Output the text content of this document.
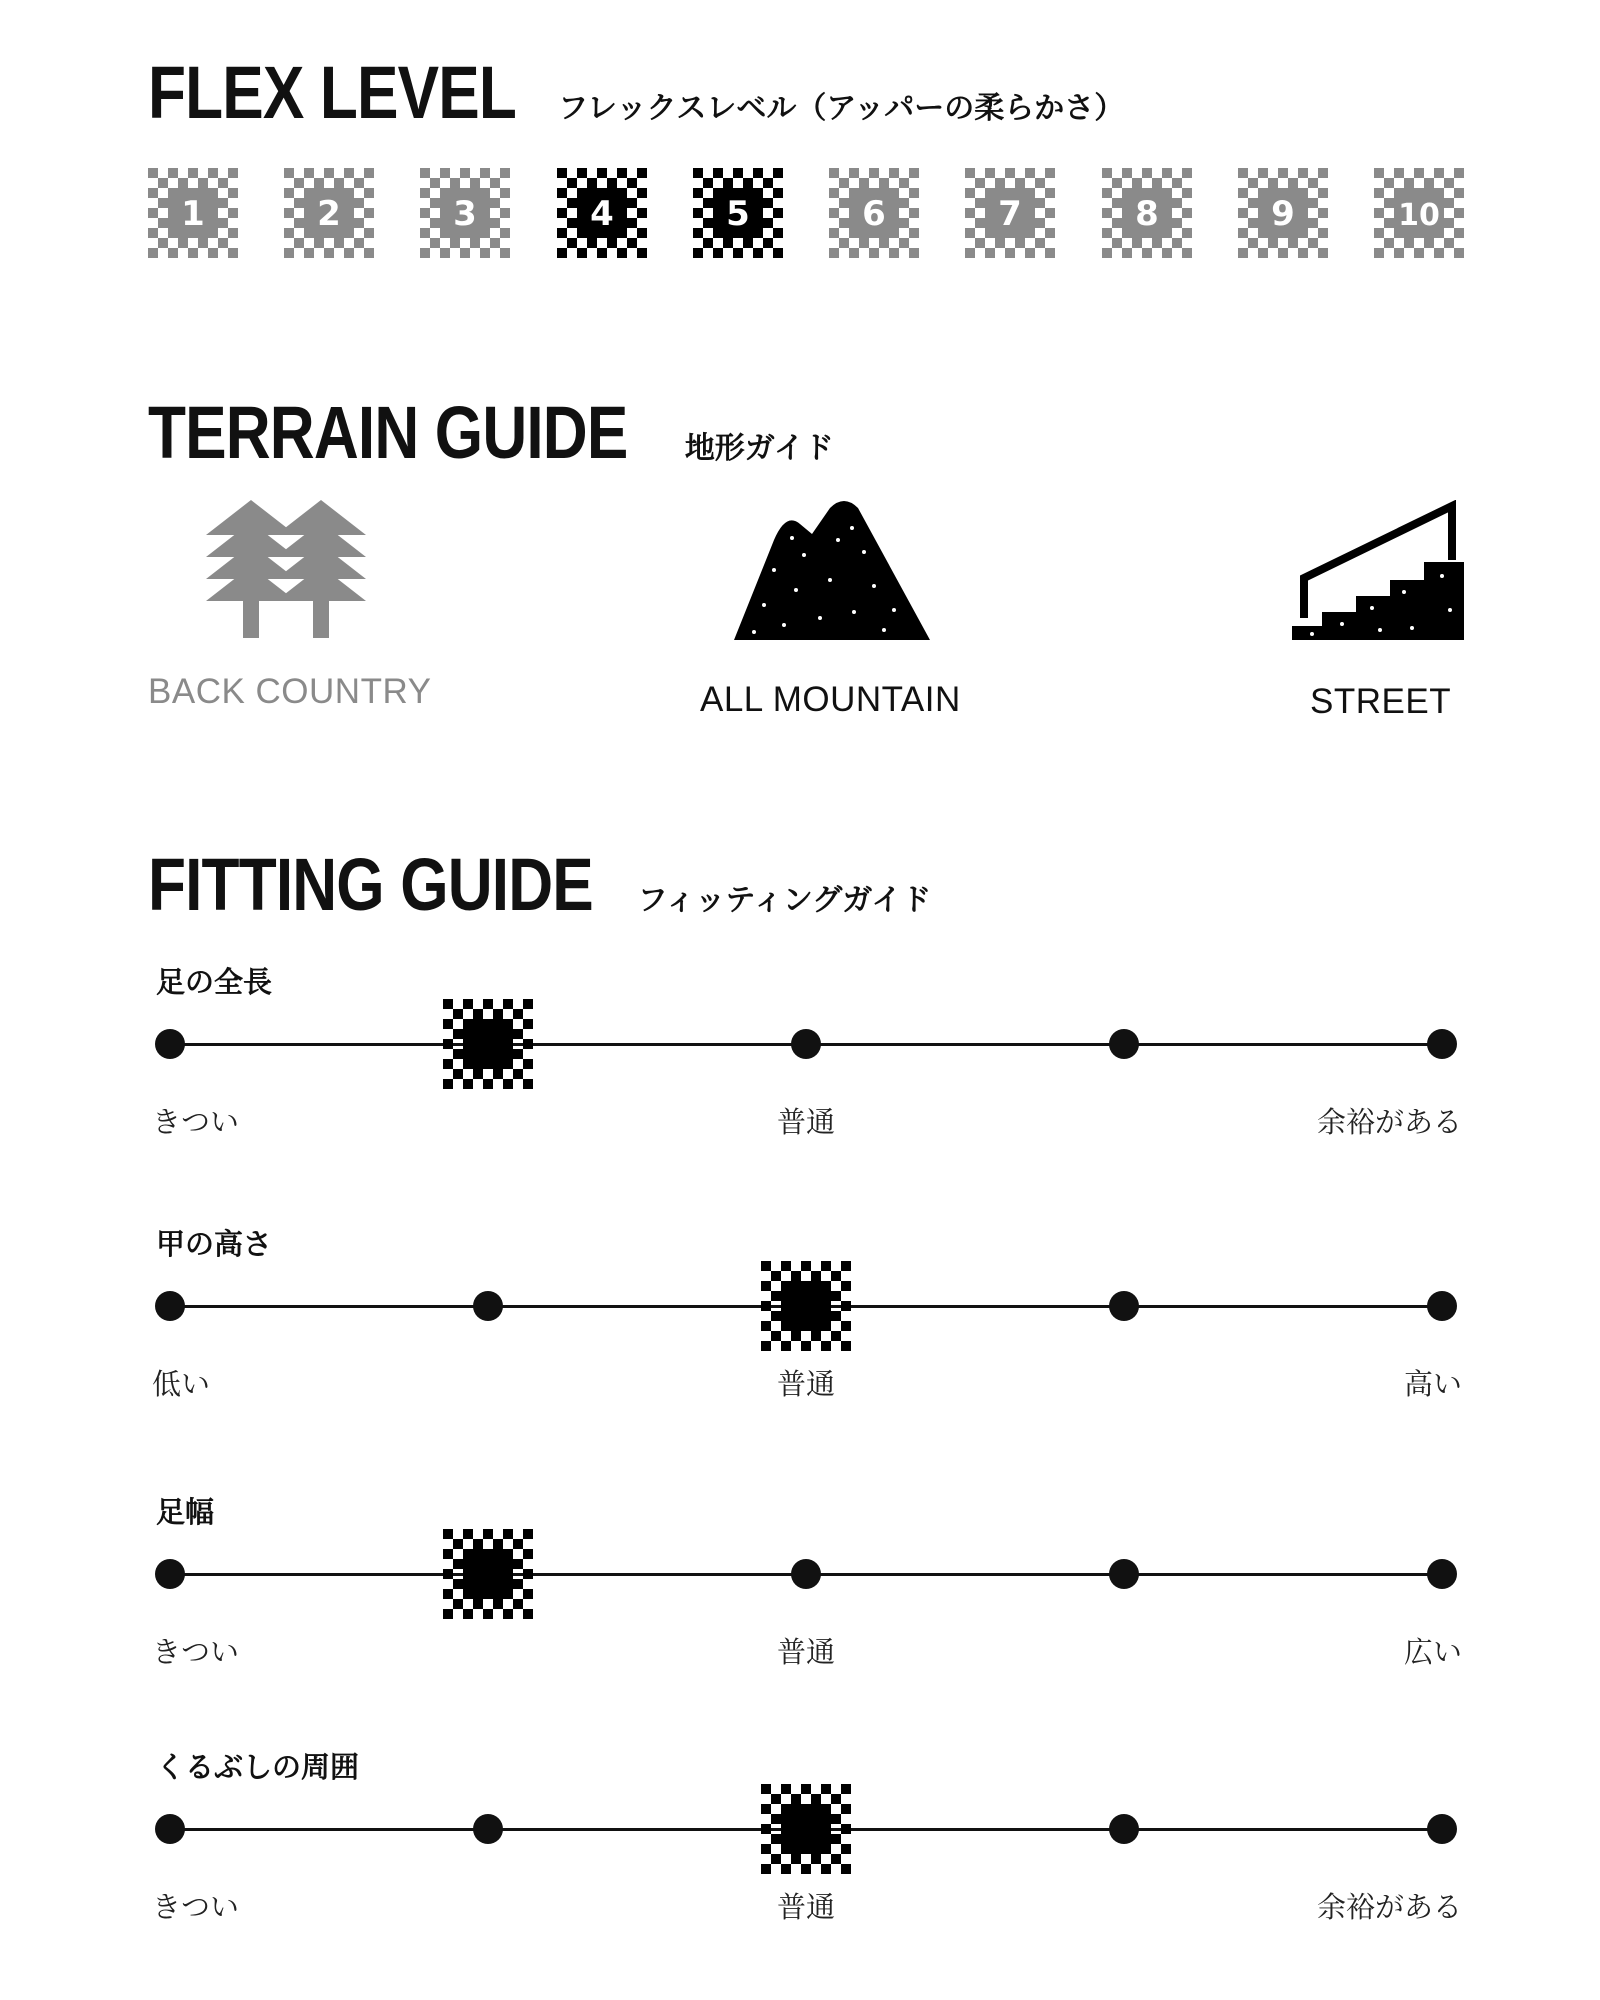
FLEX LEVEL フレックスレベル（アッパーの柔らかさ）
1	2	3	4	5	6	7	8	9	10
TERRAIN GUIDE 地形ガイド
BACK COUNTRY	ALL MOUNTAIN	STREET
FITTING GUIDE フィッティングガイド
足の全長
きつい	普通	余裕がある
甲の高さ
低い	普通	高い
足幅
きつい	普通	広い
くるぶしの周囲
きつい	普通	余裕がある
